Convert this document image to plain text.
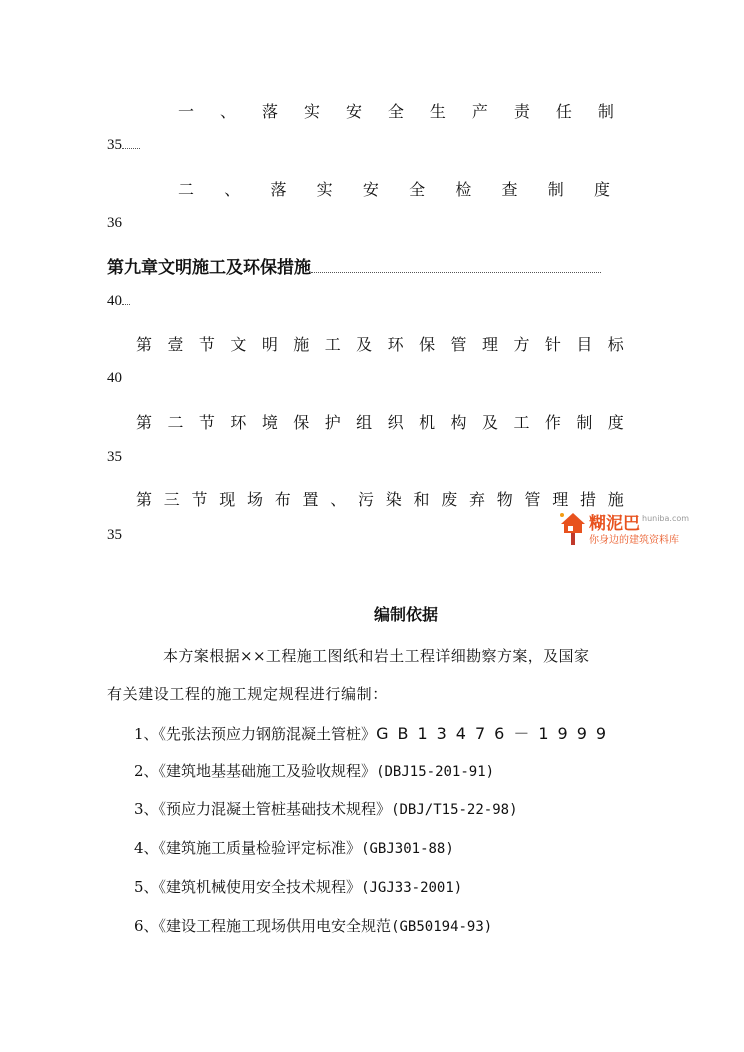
一 、 落 实 安 全 生 产 责 任 制
35
二 、 落 实 安 全 检 查 制 度
36
第九章文明施工及环保措施
40
第 壹 节 文 明 施 工 及 环 保 管 理 方 针 目 标
40
第 二 节 环 境 保 护 组 织 机 构 及 工 作 制 度
35
第 三 节 现 场 布 置 、 污 染 和 废 弃 物 管 理 措 施
35
糊泥巴 huniba.com
你身边的建筑资料库
编制依据
本方案根据××工程施工图纸和岩土工程详细勘察方案，及国家
有关建设工程的施工规定规程进行编制：
1、《先张法预应力钢筋混凝土管桩》GB13476－1999
2、《建筑地基基础施工及验收规程》(DBJ15-201-91)
3、《预应力混凝土管桩基础技术规程》(DBJ/T15-22-98)
4、《建筑施工质量检验评定标准》(GBJ301-88)
5、《建筑机械使用安全技术规程》(JGJ33-2001)
6、《建设工程施工现场供用电安全规范(GB50194-93)
